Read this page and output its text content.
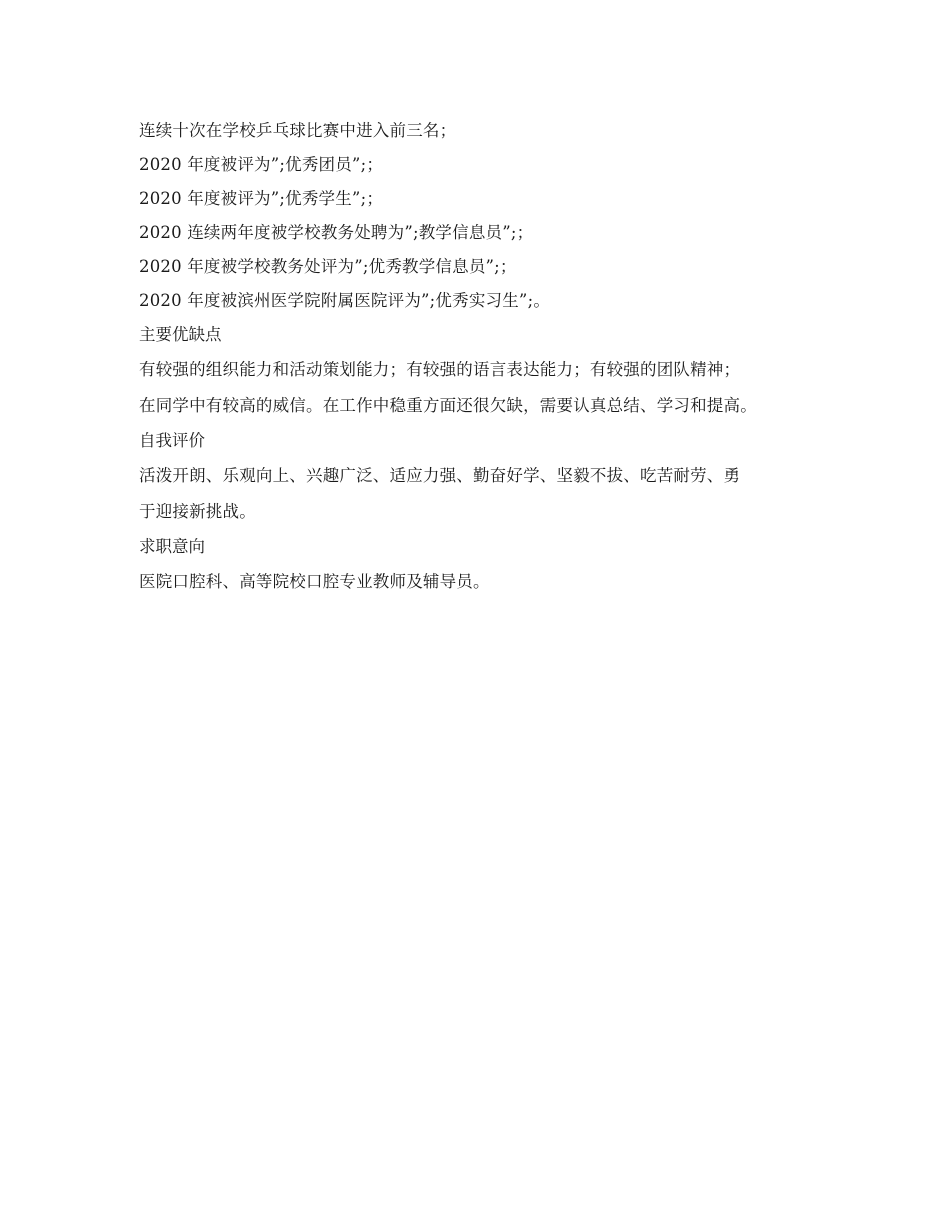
连续十次在学校乒乓球比赛中进入前三名；
2020 年度被评为”;优秀团员”;；
2020 年度被评为”;优秀学生”;；
2020 连续两年度被学校教务处聘为”;教学信息员”;；
2020 年度被学校教务处评为”;优秀教学信息员”;；
2020 年度被滨州医学院附属医院评为”;优秀实习生”;。
主要优缺点
有较强的组织能力和活动策划能力；有较强的语言表达能力；有较强的团队精神；
在同学中有较高的威信。在工作中稳重方面还很欠缺，需要认真总结、学习和提高。
自我评价
活泼开朗、乐观向上、兴趣广泛、适应力强、勤奋好学、坚毅不拔、吃苦耐劳、勇
于迎接新挑战。
求职意向
医院口腔科、高等院校口腔专业教师及辅导员。
